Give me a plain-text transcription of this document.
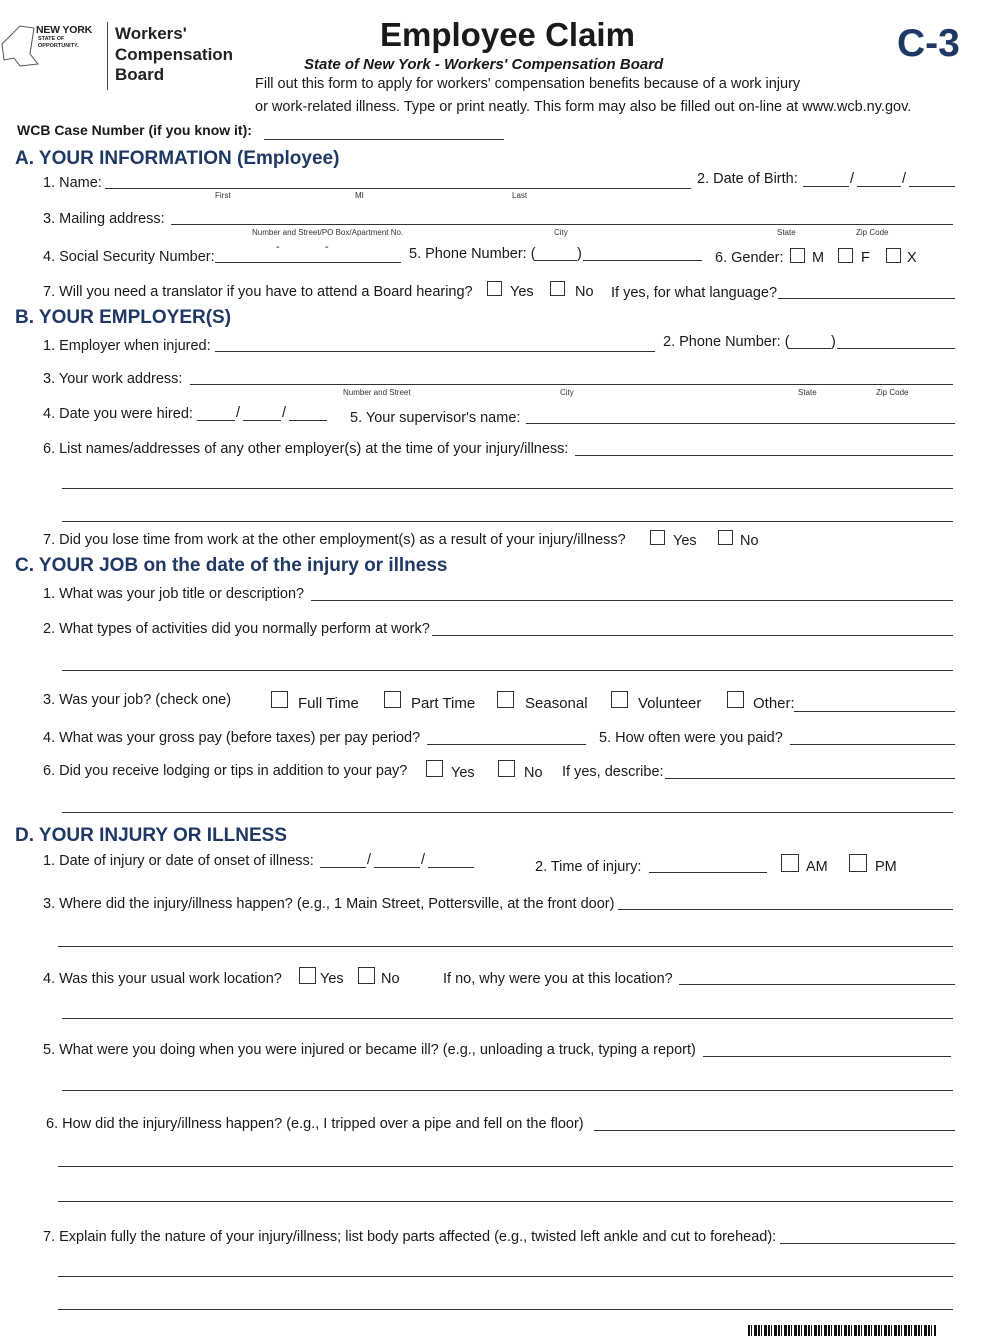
NEW YORK
STATE OF
OPPORTUNITY.
Workers'
Compensation
Board
Employee Claim	C-3
State of New York - Workers' Compensation Board
Fill out this form to apply for workers' compensation benefits because of a work injury
or work-related illness. Type or print neatly. This form may also be filled out on-line at www.wcb.ny.gov.
WCB Case Number (if you know it):
A. YOUR INFORMATION (Employee)
1. Name:
First	MI	Last
2. Date of Birth:	/	/
3. Mailing address:
Number and Street/PO Box/Apartment No.	City	State	Zip Code
4. Social Security Number:
-	-	5. Phone Number: (	)	6. Gender: M	F	X
7. Will you need a translator if you have to attend a Board hearing?	Yes	No If yes, for what language?
B. YOUR EMPLOYER(S)
1. Employer when injured:	2. Phone Number: (	)
3. Your work address:
Number and Street	City	State	Zip Code
4. Date you were hired:	/	/	5. Your supervisor's name:
6. List names/addresses of any other employer(s) at the time of your injury/illness:
7. Did you lose time from work at the other employment(s) as a result of your injury/illness?	Yes	No
C. YOUR JOB on the date of the injury or illness
1. What was your job title or description?
2. What types of activities did you normally perform at work?
3. Was your job? (check one)	Full Time	Part Time	Seasonal	Volunteer	Other:
4. What was your gross pay (before taxes) per pay period?	5. How often were you paid?
6. Did you receive lodging or tips in addition to your pay?	Yes	No If yes, describe:
D. YOUR INJURY OR ILLNESS
1. Date of injury or date of onset of illness:	/	/	2. Time of injury:	AM	PM
3. Where did the injury/illness happen? (e.g., 1 Main Street, Pottersville, at the front door)
4. Was this your usual work location?	Yes	No	If no, why were you at this location?
5. What were you doing when you were injured or became ill? (e.g., unloading a truck, typing a report)
6. How did the injury/illness happen? (e.g., I tripped over a pipe and fell on the floor)
7. Explain fully the nature of your injury/illness; list body parts affected (e.g., twisted left ankle and cut to forehead):
